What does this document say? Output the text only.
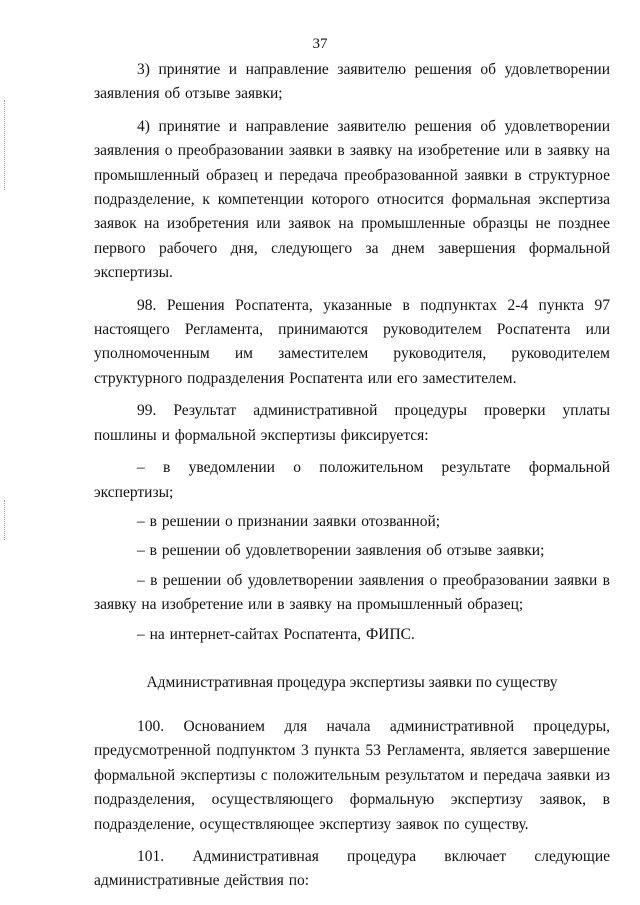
37

3) принятие и направление заявителю решения об удовлетворении заявления об отзыве заявки;

4) принятие и направление заявителю решения об удовлетворении заявления о преобразовании заявки в заявку на изобретение или в заявку на промышленный образец и передача преобразованной заявки в структурное подразделение, к компетенции которого относится формальная экспертиза заявок на изобретения или заявок на промышленные образцы не позднее первого рабочего дня, следующего за днем завершения формальной экспертизы.

98. Решения Роспатента, указанные в подпунктах 2-4 пункта 97 настоящего Регламента, принимаются руководителем Роспатента или уполномоченным им заместителем руководителя, руководителем структурного подразделения Роспатента или его заместителем.

99. Результат административной процедуры проверки уплаты пошлины и формальной экспертизы фиксируется:

– в уведомлении о положительном результате формальной экспертизы;

– в решении о признании заявки отозванной;

– в решении об удовлетворении заявления об отзыве заявки;

– в решении об удовлетворении заявления о преобразовании заявки в заявку на изобретение или в заявку на промышленный образец;

– на интернет-сайтах Роспатента, ФИПС.

Административная процедура экспертизы заявки по существу

100. Основанием для начала административной процедуры, предусмотренной подпунктом 3 пункта 53 Регламента, является завершение формальной экспертизы с положительным результатом и передача заявки из подразделения, осуществляющего формальную экспертизу заявок, в подразделение, осуществляющее экспертизу заявок по существу.

101. Административная процедура включает следующие административные действия по:
